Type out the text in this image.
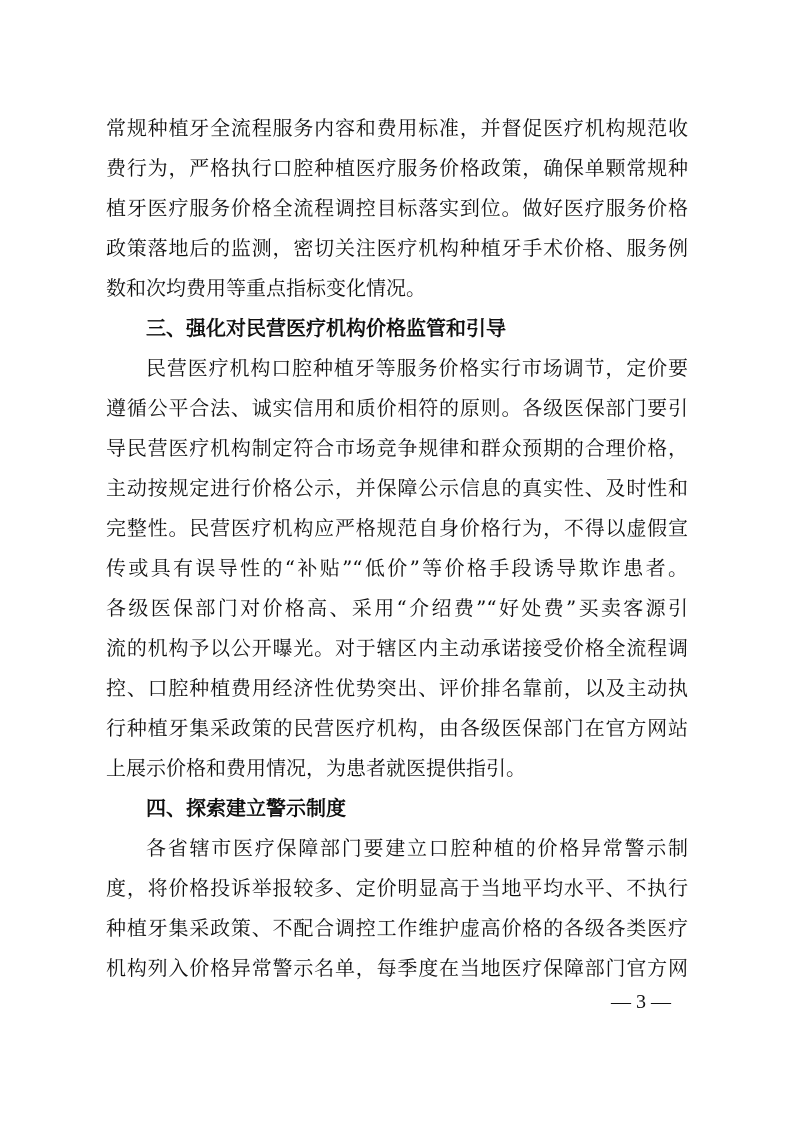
常规种植牙全流程服务内容和费用标准，并督促医疗机构规范收
费行为，严格执行口腔种植医疗服务价格政策，确保单颗常规种
植牙医疗服务价格全流程调控目标落实到位。做好医疗服务价格
政策落地后的监测，密切关注医疗机构种植牙手术价格、服务例
数和次均费用等重点指标变化情况。
三、强化对民营医疗机构价格监管和引导
民营医疗机构口腔种植牙等服务价格实行市场调节，定价要
遵循公平合法、诚实信用和质价相符的原则。各级医保部门要引
导民营医疗机构制定符合市场竞争规律和群众预期的合理价格，
主动按规定进行价格公示，并保障公示信息的真实性、及时性和
完整性。民营医疗机构应严格规范自身价格行为，不得以虚假宣
传或具有误导性的“补贴”“低价”等价格手段诱导欺诈患者。
各级医保部门对价格高、采用“介绍费”“好处费”买卖客源引
流的机构予以公开曝光。对于辖区内主动承诺接受价格全流程调
控、口腔种植费用经济性优势突出、评价排名靠前，以及主动执
行种植牙集采政策的民营医疗机构，由各级医保部门在官方网站
上展示价格和费用情况，为患者就医提供指引。
四、探索建立警示制度
各省辖市医疗保障部门要建立口腔种植的价格异常警示制
度，将价格投诉举报较多、定价明显高于当地平均水平、不执行
种植牙集采政策、不配合调控工作维护虚高价格的各级各类医疗
机构列入价格异常警示名单，每季度在当地医疗保障部门官方网
— 3 —
